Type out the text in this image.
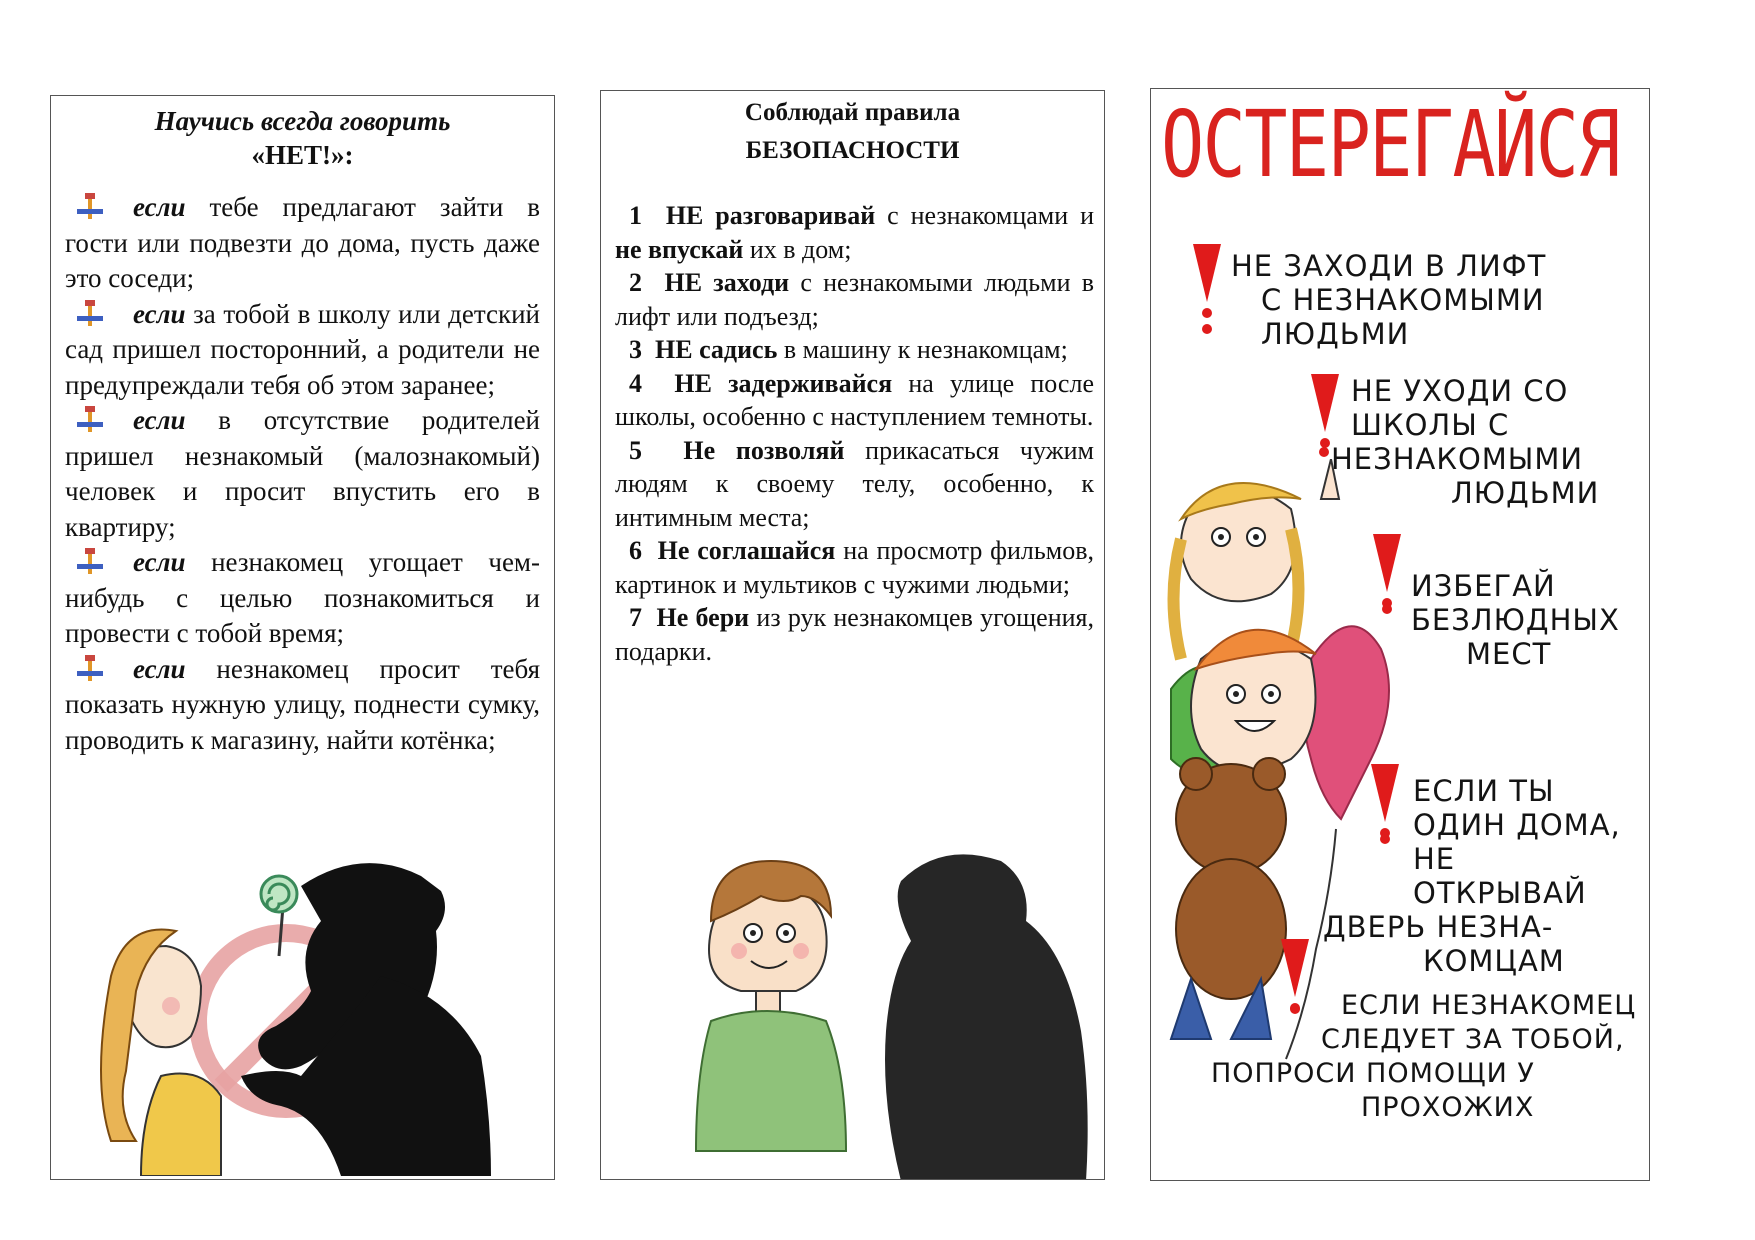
Научись всегда говорить
«НЕТ!»:

если тебе предлагают зайти в гости или подвезти до дома, пусть даже это соседи;

если за тобой в школу или детский сад пришел посторонний, а родители не предупреждали тебя об этом заранее;

если в отсутствие родителей пришел незнакомый (малознакомый) человек и просит впустить его в квартиру;

если незнакомец угощает чем-нибудь с целью познакомиться и провести с тобой время;

если незнакомец просит тебя показать нужную улицу, поднести сумку, проводить к магазину, найти котёнка;

Соблюдай правила
БЕЗОПАСНОСТИ

1 НЕ разговаривай с незнакомцами и не впускай их в дом;

2 НЕ заходи с незнакомыми людьми в лифт или подъезд;

3 НЕ садись в машину к незнакомцам;

4 НЕ задерживайся на улице после школы, особенно с наступлением темноты.

5 Не позволяй прикасаться чужим людям к своему телу, особенно, к интимным места;

6 Не соглашайся на просмотр фильмов, картинок и мультиков с чужими людьми;

7 Не бери из рук незнакомцев угощения, подарки.

ОСТЕРЕГАЙСЯ
НЕ ЗАХОДИ В ЛИФТ
С НЕЗНАКОМЫМИ ЛЮДЬМИ
НЕ УХОДИ СО
ШКОЛЫ С
НЕЗНАКОМЫМИ
ЛЮДЬМИ
ИЗБЕГАЙ
БЕЗЛЮДНЫХ
МЕСТ
ЕСЛИ ТЫ
ОДИН ДОМА, НЕ
ОТКРЫВАЙ
ДВЕРЬ НЕЗНА-
КОМЦАМ
ЕСЛИ НЕЗНАКОМЕЦ
СЛЕДУЕТ ЗА ТОБОЙ,
ПОПРОСИ ПОМОЩИ У
ПРОХОЖИХ
